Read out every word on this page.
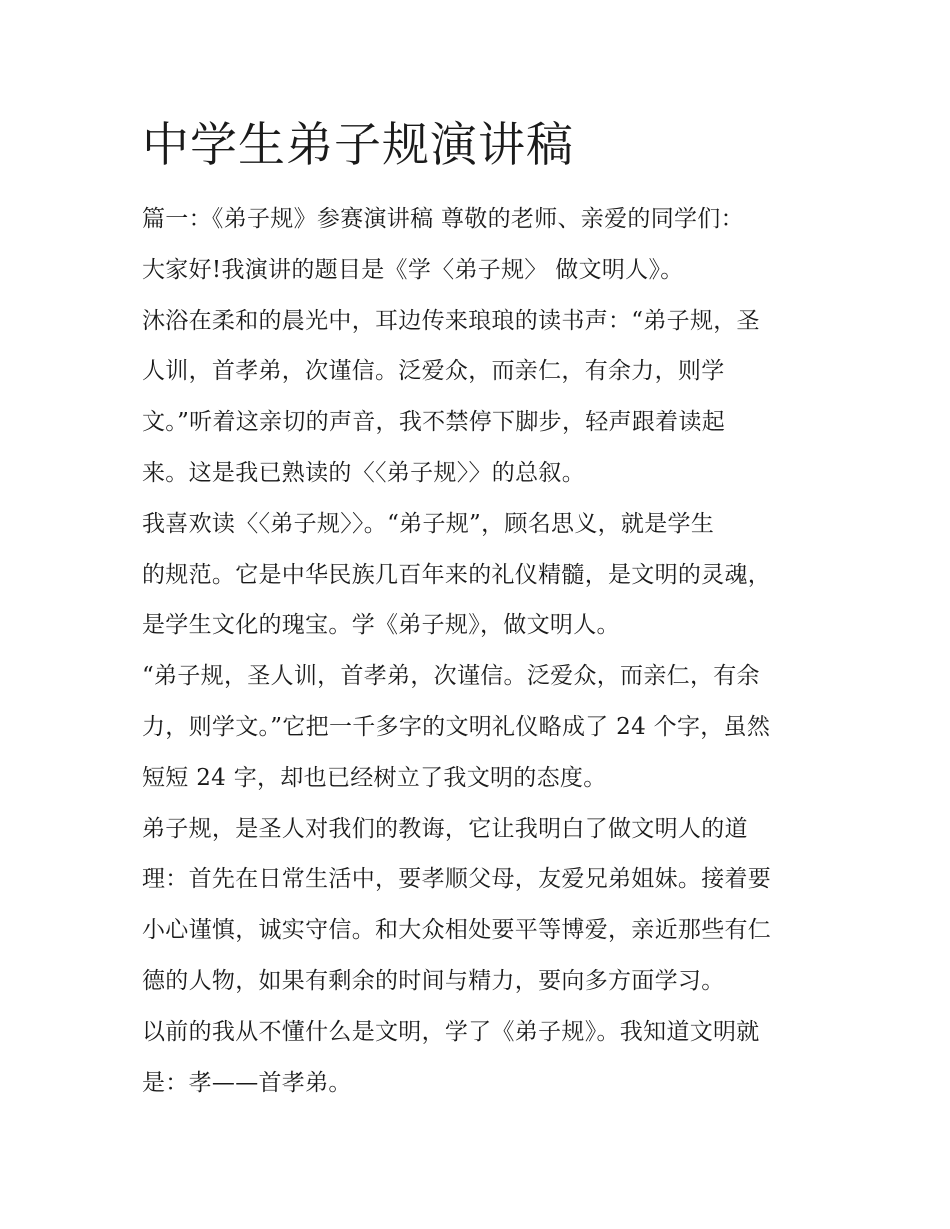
中学生弟子规演讲稿

篇一：《弟子规》参赛演讲稿 尊敬的老师、亲爱的同学们：

大家好!我演讲的题目是《学〈弟子规〉 做文明人》。

沐浴在柔和的晨光中，耳边传来琅琅的读书声：“弟子规，圣
人训，首孝弟，次谨信。泛爱众，而亲仁，有余力，则学
文。”听着这亲切的声音，我不禁停下脚步，轻声跟着读起
来。这是我已熟读的〈〈弟子规〉〉的总叙。

我喜欢读〈〈弟子规〉〉。“弟子规”，顾名思义，就是学生
的规范。它是中华民族几百年来的礼仪精髓，是文明的灵魂，
是学生文化的瑰宝。学《弟子规》，做文明人。

“弟子规，圣人训，首孝弟，次谨信。泛爱众，而亲仁，有余
力，则学文。”它把一千多字的文明礼仪略成了 24 个字，虽然
短短 24 字，却也已经树立了我文明的态度。

弟子规，是圣人对我们的教诲，它让我明白了做文明人的道
理：首先在日常生活中，要孝顺父母，友爱兄弟姐妹。接着要
小心谨慎，诚实守信。和大众相处要平等博爱，亲近那些有仁
德的人物，如果有剩余的时间与精力，要向多方面学习。

以前的我从不懂什么是文明，学了《弟子规》。我知道文明就
是：孝——首孝弟。
